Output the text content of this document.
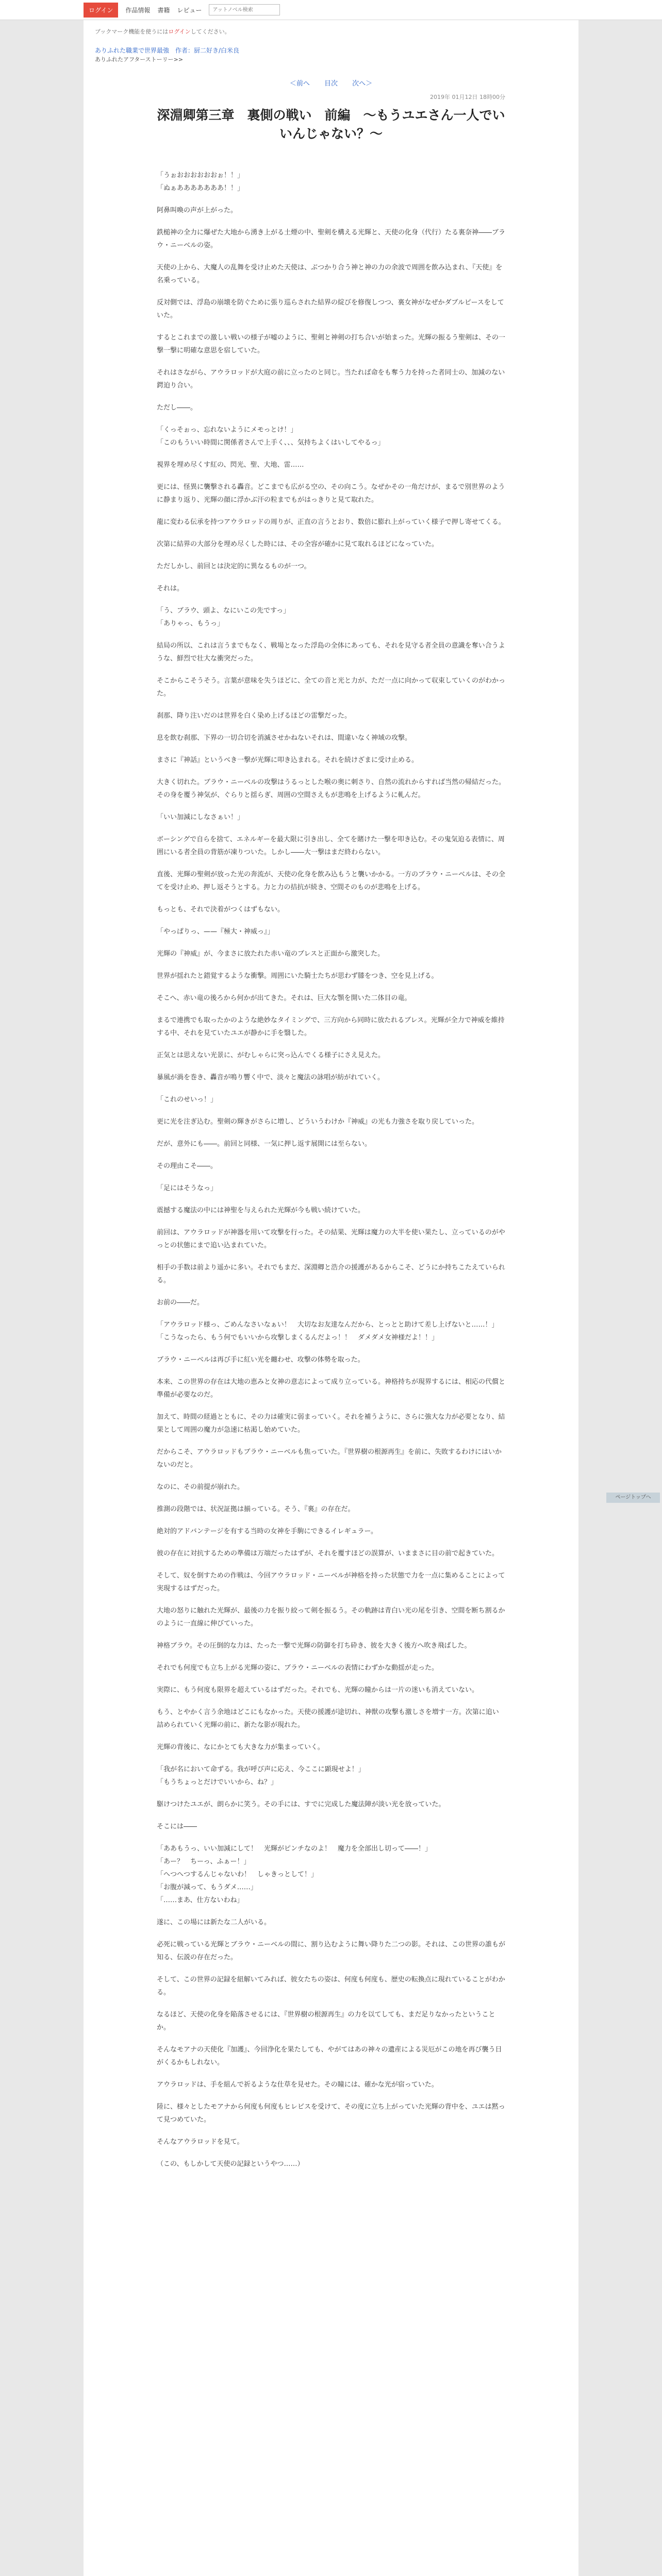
ログイン	作品情報 書籍 レビュー
アットノベル検索
ブックマーク機能を使うにはログインしてください。
ありふれた職業で世界最強　作者：厨二好き/白米良
ありふれたアフターストーリー>>
＜前へ 目次 次へ＞
2019年 01月12日 18時00分
深淵卿第三章　裏側の戦い　前編　〜もうユエさん一人でいいんじゃない？〜

「うぉおおおおおおぉ！！」
「ぬぁあああああああ！！」

阿鼻叫喚の声が上がった。

鉄槌神の全力に爆ぜた大地から湧き上がる土煙の中、聖剣を構える光輝と、天使の化身（代行）たる裏奈神――ブラウ・ニーベルの姿。

天使の上から、大魔人の乱舞を受け止めた天使は、ぶつかり合う神と神の力の余波で周囲を飲み込まれ、『天使』を名乗っている。

反対側では、浮島の崩壊を防ぐために張り巡らされた結界の綻びを修復しつつ、裏女神がなぜかダブルピースをしていた。

するとこれまでの激しい戦いの様子が嘘のように、聖剣と神剣の打ち合いが始まった。光輝の振るう聖剣は、その一撃一撃に明確な意思を宿していた。

それはさながら、アウラロッドが大庭の前に立ったのと同じ。当たれば命をも奪う力を持った者同士の、加減のない鍔迫り合い。

ただし――。

「くっそぉっ、忘れないようにメモっとけ！」
「このもういい時間に関係者さんで上手く、、、気持ちよくはいしてやるっ」

視界を埋め尽くす紅の、閃光、聖、大地、雷……

更には、怪異に襲撃される轟音。どこまでも広がる空の、その向こう。なぜかその一角だけが、まるで別世界のように静まり返り、光輝の顔に浮かぶ汗の粒までもがはっきりと見て取れた。

龍に変わる伝承を持つアウラロッドの周りが、正直の言うとおり、数倍に膨れ上がっていく様子で押し寄せてくる。

次第に結界の大部分を埋め尽くした時には、その全容が確かに見て取れるほどになっていた。

ただしかし、前回とは決定的に異なるものが一つ。

それは。

「う、ブラウ、頭よ、なにいこの先ですっ」
「ありゃっ、もうっ」

結局の所以、これは言うまでもなく、戦場となった浮島の全体にあっても、それを見守る者全員の意識を奪い合うような、鮮烈で壮大な衝突だった。

そこからこそうそう。言葉が意味を失うほどに、全ての音と光と力が、ただ一点に向かって収束していくのがわかった。

刹那、降り注いだのは世界を白く染め上げるほどの雷撃だった。

息を飲む刹那、下界の一切合切を消滅させかねないそれは、間違いなく神域の攻撃。

まさに『神話』というべき一撃が光輝に叩き込まれる。それを続けざまに受け止める。

大きく切れた。ブラウ・ニーベルの攻撃はうるっとした喉の奥に刺さり、自然の流れからすれば当然の帰結だった。その身を覆う神気が、ぐらりと揺らぎ、周囲の空間さえもが悲鳴を上げるように軋んだ。

「いい加減にしなさぁい！」

ボーシングで自らを捨て、エネルギーを最大限に引き出し、全てを賭けた一撃を叩き込む。その鬼気迫る表情に、周囲にいる者全員の背筋が凍りついた。しかし――大一撃はまだ終わらない。

直後、光輝の聖剣が放った光の奔流が、天使の化身を飲み込もうと襲いかかる。一方のブラウ・ニーベルは、その全てを受け止め、押し返そうとする。力と力の拮抗が続き、空間そのものが悲鳴を上げる。

もっとも、それで決着がつくはずもない。

「やっぱりっ、——『極大・神威っ』」

光輝の『神威』が、今まさに放たれた赤い竜のブレスと正面から激突した。

世界が揺れたと錯覚するような衝撃。周囲にいた騎士たちが思わず膝をつき、空を見上げる。

そこへ、赤い竜の後ろから何かが出てきた。それは、巨大な顎を開いた二体目の竜。

まるで連携でも取ったかのような絶妙なタイミングで、三方向から同時に放たれるブレス。光輝が全力で神威を維持する中、それを見ていたユエが静かに手を翳した。

正気とは思えない光景に、がむしゃらに突っ込んでくる様子にさえ見えた。

暴風が渦を巻き、轟音が鳴り響く中で、淡々と魔法の詠唱が紡がれていく。

「これのせいっ！」

更に光を注ぎ込む。聖剣の輝きがさらに増し、どういうわけか『神威』の光も力強さを取り戻していった。

だが、意外にも――。前回と同様、一気に押し返す展開には至らない。

その理由こそ――。

「足にはそうなっ」

震撼する魔法の中には神聖を与えられた光輝が今も戦い続けていた。

前回は、アウラロッドが神器を用いて攻撃を行った。その結果、光輝は魔力の大半を使い果たし、立っているのがやっとの状態にまで追い込まれていた。

相手の手数は前より遥かに多い。それでもまだ、深淵卿と浩介の援護があるからこそ、どうにか持ちこたえていられる。

お前の――だ。

「アウラロッド様っ、ごめんなさいなぁい！　大切なお友達なんだから、とっとと助けて差し上げないと……！」
「こうなったら、もう何でもいいから攻撃しまくるんだよっ！！　ダメダメ女神様だよ！！」

ブラウ・ニーベルは再び手に紅い光を纏わせ、攻撃の体勢を取った。

本来、この世界の存在は大地の恵みと女神の意志によって成り立っている。神格持ちが現界するには、相応の代償と準備が必要なのだ。

加えて、時間の経過とともに、その力は確実に弱まっていく。それを補うように、さらに強大な力が必要となり、結果として周囲の魔力が急速に枯渇し始めていた。

だからこそ、アウラロッドもブラウ・ニーベルも焦っていた。『世界樹の根源再生』を前に、失敗するわけにはいかないのだと。

なのに、その前提が崩れた。

推測の段階では、状況証拠は揃っている。そう、『裏』の存在だ。

絶対的アドバンテージを有する当時の女神を手駒にできるイレギュラー。

彼の存在に対抗するための準備は万端だったはずが、それを覆すほどの誤算が、いままさに目の前で起きていた。

そして、奴を倒すための作戦は、今回アウラロッド・ニーベルが神格を持った状態で力を一点に集めることによって実現するはずだった。

大地の怒りに触れた光輝が、最後の力を振り絞って剣を振るう。その軌跡は青白い光の尾を引き、空間を断ち割るかのように一直線に伸びていった。

神格ブラウ。その圧倒的な力は、たった一撃で光輝の防御を打ち砕き、彼を大きく後方へ吹き飛ばした。

それでも何度でも立ち上がる光輝の姿に、ブラウ・ニーベルの表情にわずかな動揺が走った。

実際に、もう何度も限界を超えているはずだった。それでも、光輝の瞳からは一片の迷いも消えていない。

もう、とやかく言う余地はどこにもなかった。天使の援護が途切れ、神獣の攻撃も激しさを増す一方。次第に追い詰められていく光輝の前に、新たな影が現れた。

光輝の背後に、なにかとても大きな力が集まっていく。

「我が名において命ずる。我が呼び声に応え、今ここに顕現せよ！」
「もうちょっとだけでいいから、ね？」

駆けつけたユエが、朗らかに笑う。その手には、すでに完成した魔法陣が淡い光を放っていた。

そこには――

「ああもうっ、いい加減にして！　光輝がピンチなのよ！　魔力を全部出し切って――！」
「あー？　ちーっ、ふぁー！」
「へつへつするんじゃないわ！　しゃきっとして！」
「お腹が減って、もうダメ……」
「……まあ、仕方ないわね」

遂に、この場には新たな二人がいる。

必死に戦っている光輝とブラウ・ニーベルの間に、割り込むように舞い降りた二つの影。それは、この世界の誰もが知る、伝説の存在だった。

そして、この世界の記録を紐解いてみれば、彼女たちの姿は、何度も何度も、歴史の転換点に現れていることがわかる。

なるほど、天使の化身を陥落させるには、『世界樹の根源再生』の力を以てしても、まだ足りなかったということか。

そんなモアナの天使化『加護』、今回浄化を果たしても、やがてはあの神々の遺産による災厄がこの地を再び襲う日がくるかもしれない。

アウラロッドは、手を組んで祈るような仕草を見せた。その瞳には、確かな光が宿っていた。

陸に、様々としたモアナから何度も何度もヒレビスを受けて、その度に立ち上がっていた光輝の背中を、ユエは黙って見つめていた。

そんなアウラロッドを見て。

（この、もしかして天使の記録というやつ……）

ページトップへ
